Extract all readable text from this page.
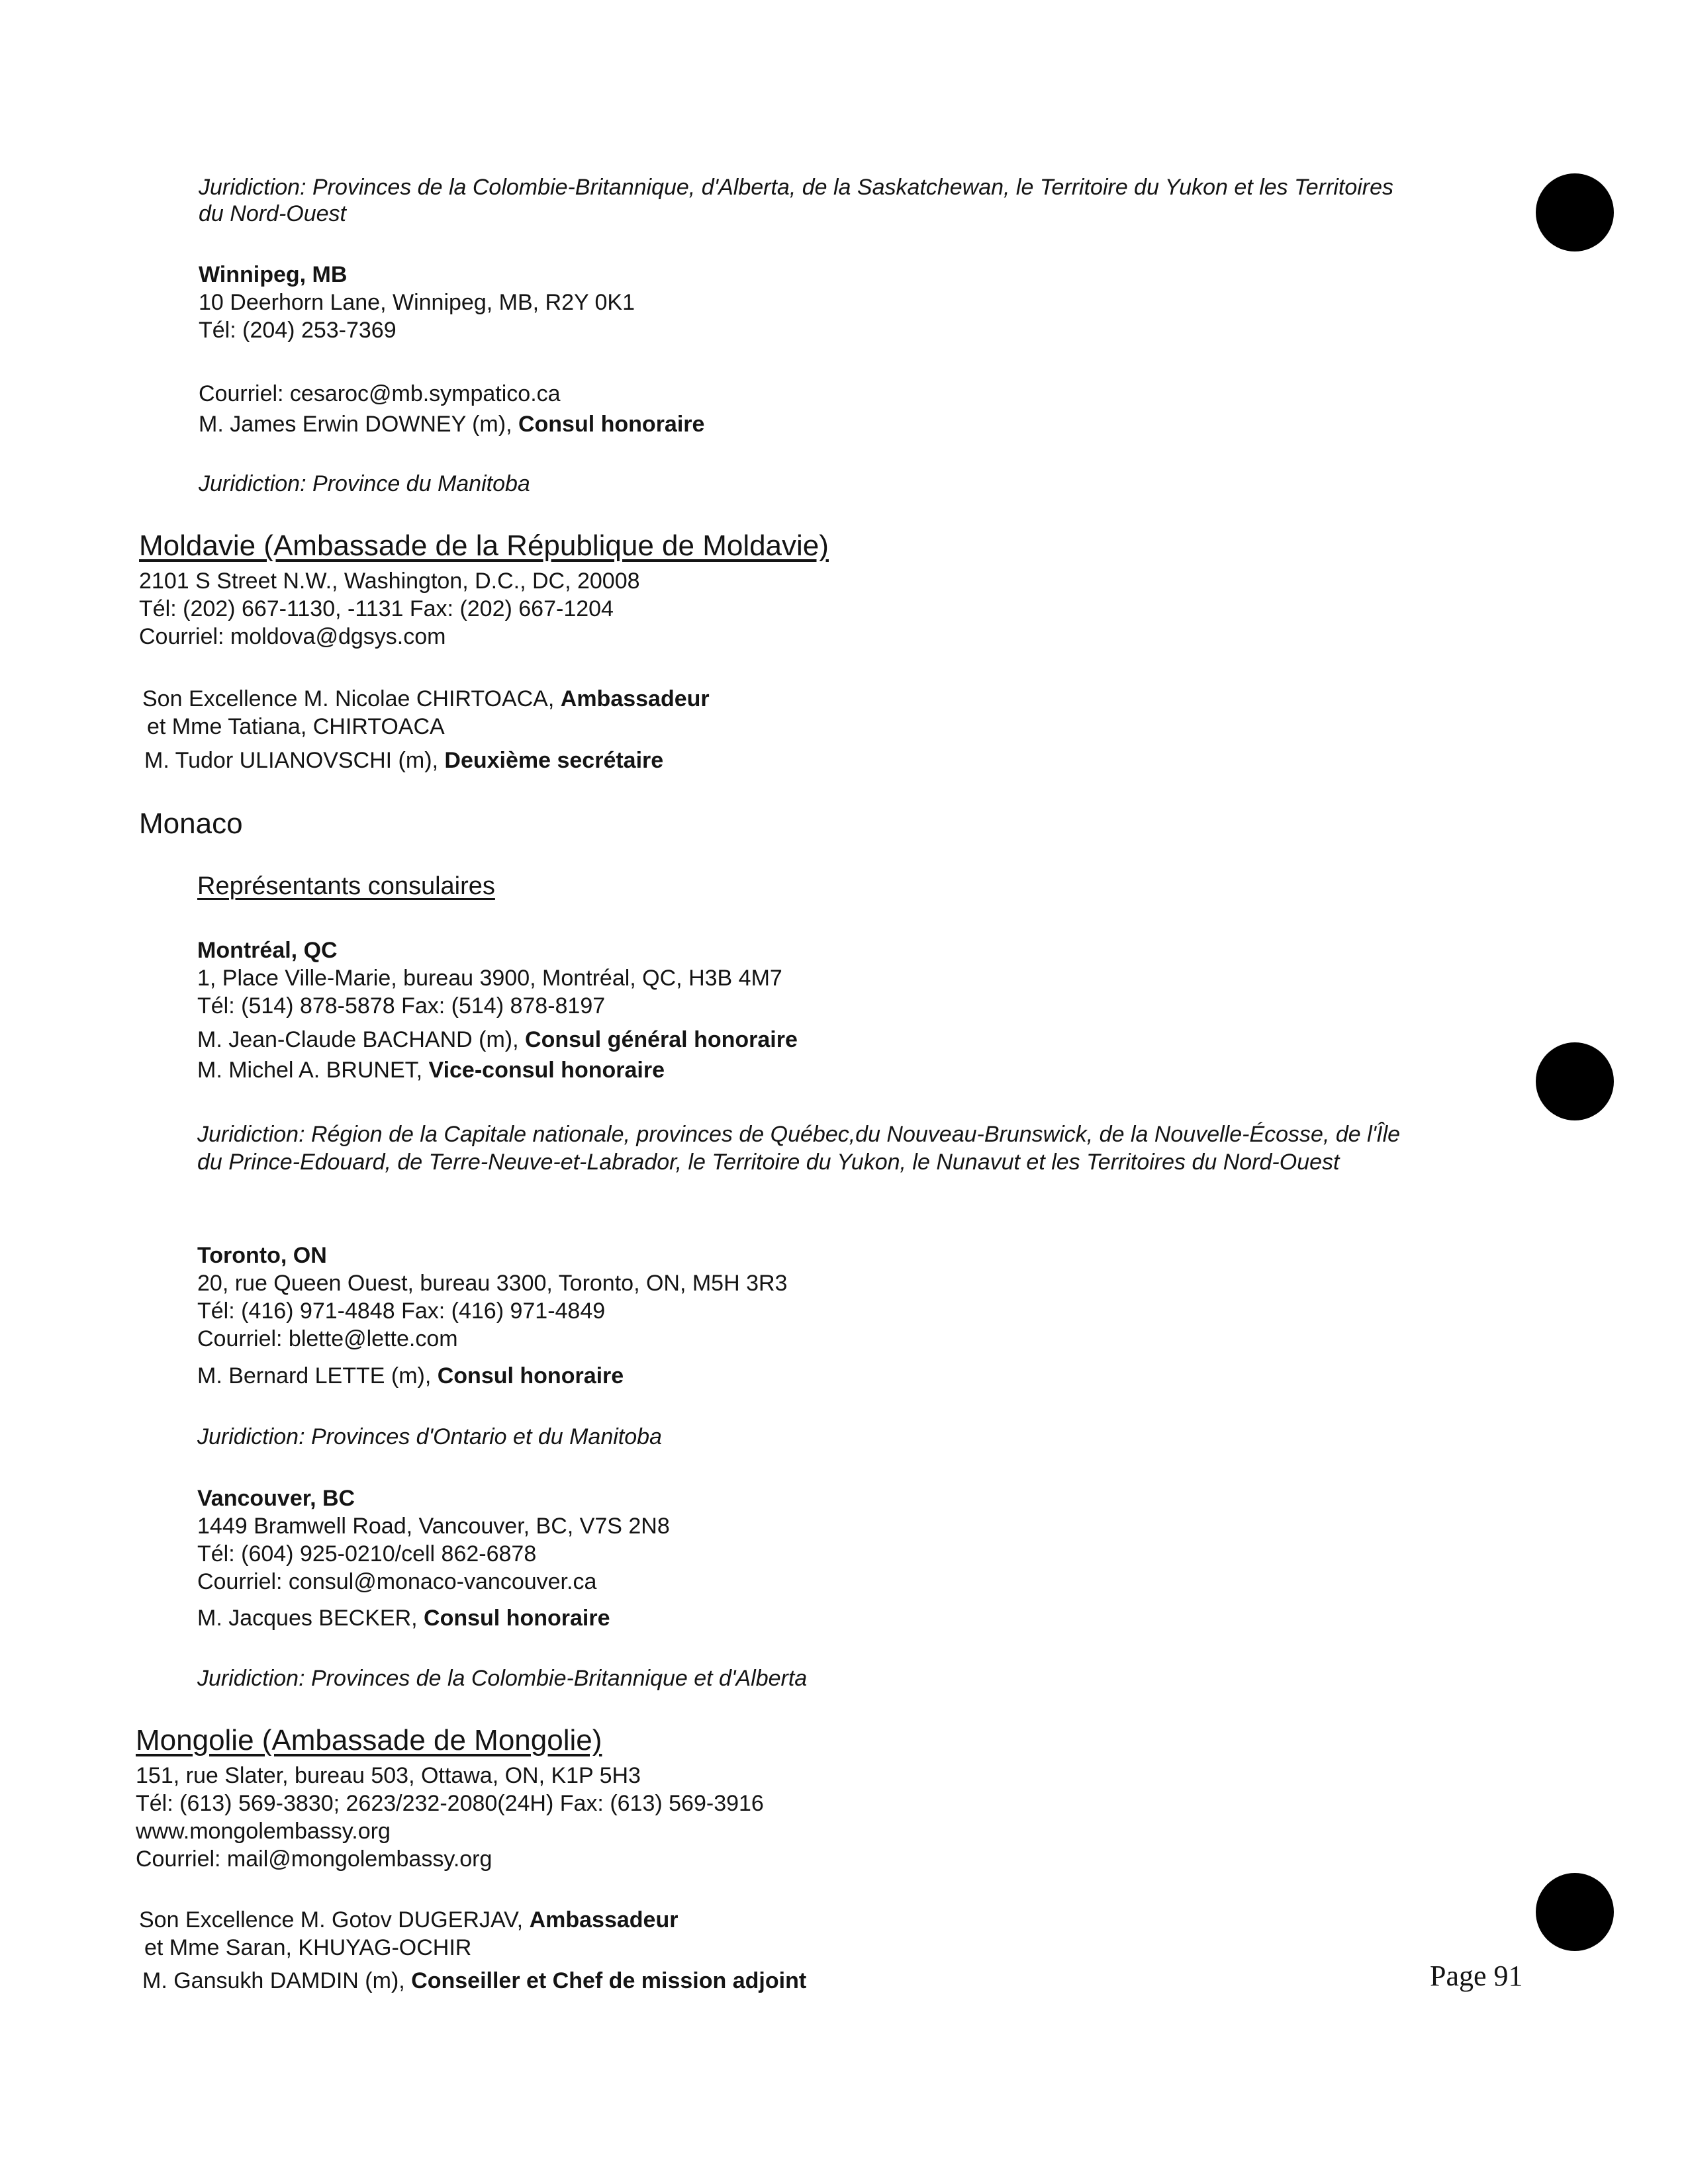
Juridiction: Provinces de la Colombie-Britannique, d'Alberta, de la Saskatchewan, le Territoire du Yukon et les Territoires
du Nord-Ouest
Winnipeg, MB
10 Deerhorn Lane, Winnipeg, MB, R2Y 0K1
Tél: (204) 253-7369
Courriel: cesaroc@mb.sympatico.ca
M. James Erwin DOWNEY (m), Consul honoraire
Juridiction: Province du Manitoba
Moldavie (Ambassade de la République de Moldavie)
2101 S Street N.W., Washington, D.C., DC, 20008
Tél: (202) 667-1130, -1131 Fax: (202) 667-1204
Courriel: moldova@dgsys.com
Son Excellence M. Nicolae CHIRTOACA, Ambassadeur
et Mme Tatiana, CHIRTOACA
M. Tudor ULIANOVSCHI (m), Deuxième secrétaire
Monaco
Représentants consulaires
Montréal, QC
1, Place Ville-Marie, bureau 3900, Montréal, QC, H3B 4M7
Tél: (514) 878-5878 Fax: (514) 878-8197
M. Jean-Claude BACHAND (m), Consul général honoraire
M. Michel A. BRUNET, Vice-consul honoraire
Juridiction: Région de la Capitale nationale, provinces de Québec,du Nouveau-Brunswick, de la Nouvelle-Écosse, de l'Île
du Prince-Edouard, de Terre-Neuve-et-Labrador, le Territoire du Yukon, le Nunavut et les Territoires du Nord-Ouest
Toronto, ON
20, rue Queen Ouest, bureau 3300, Toronto, ON, M5H 3R3
Tél: (416) 971-4848 Fax: (416) 971-4849
Courriel: blette@lette.com
M. Bernard LETTE (m), Consul honoraire
Juridiction: Provinces d'Ontario et du Manitoba
Vancouver, BC
1449 Bramwell Road, Vancouver, BC, V7S 2N8
Tél: (604) 925-0210/cell 862-6878
Courriel: consul@monaco-vancouver.ca
M. Jacques BECKER, Consul honoraire
Juridiction: Provinces de la Colombie-Britannique et d'Alberta
Mongolie (Ambassade de Mongolie)
151, rue Slater, bureau 503, Ottawa, ON, K1P 5H3
Tél: (613) 569-3830; 2623/232-2080(24H) Fax: (613) 569-3916
www.mongolembassy.org
Courriel: mail@mongolembassy.org
Son Excellence M. Gotov DUGERJAV, Ambassadeur
et Mme Saran, KHUYAG-OCHIR
M. Gansukh DAMDIN (m), Conseiller et Chef de mission adjoint	Page 91
